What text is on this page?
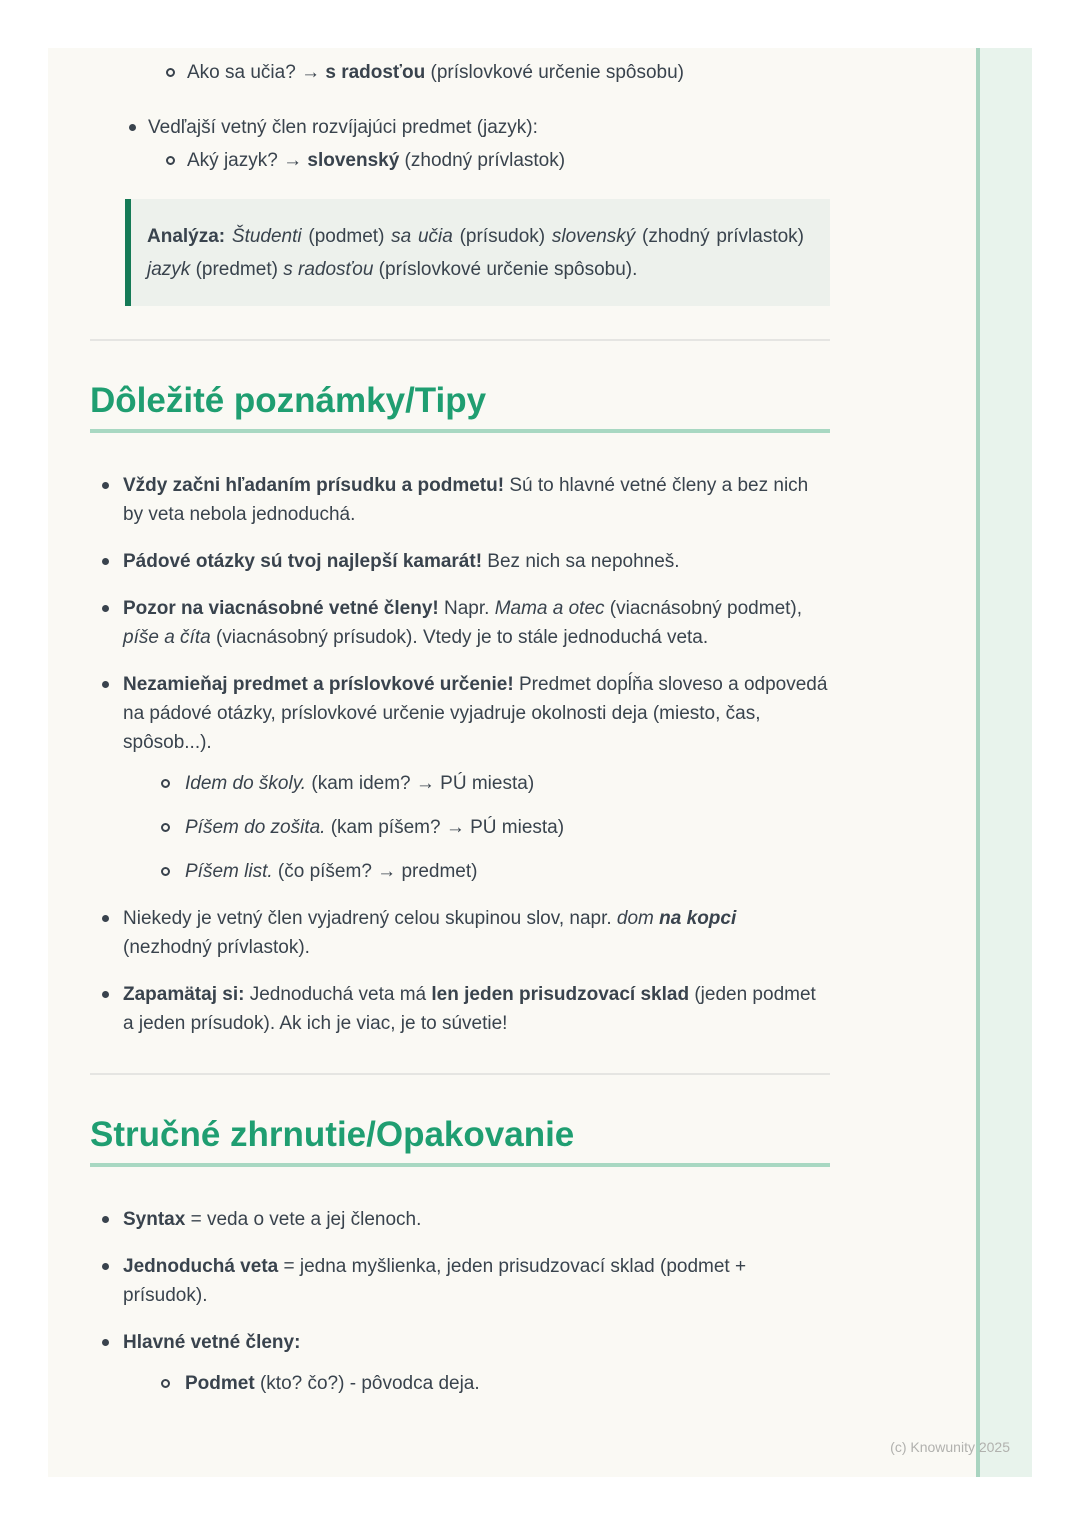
Ako sa učia? → s radosťou (príslovkové určenie spôsobu)

Vedľajší vetný člen rozvíjajúci predmet (jazyk):

Aký jazyk? → slovenský (zhodný prívlastok)

Analýza: Študenti (podmet) sa učia (prísudok) slovenský (zhodný prívlastok) jazyk (predmet) s radosťou (príslovkové určenie spôsobu).

Dôležité poznámky/Tipy

Vždy začni hľadaním prísudku a podmetu! Sú to hlavné vetné členy a bez nich by veta nebola jednoduchá.

Pádové otázky sú tvoj najlepší kamarát! Bez nich sa nepohneš.

Pozor na viacnásobné vetné členy! Napr. Mama a otec (viacnásobný podmet), píše a číta (viacnásobný prísudok). Vtedy je to stále jednoduchá veta.

Nezamieňaj predmet a príslovkové určenie! Predmet dopĺňa sloveso a odpovedá na pádové otázky, príslovkové určenie vyjadruje okolnosti deja (miesto, čas, spôsob...).

Idem do školy. (kam idem? → PÚ miesta)

Píšem do zošita. (kam píšem? → PÚ miesta)

Píšem list. (čo píšem? → predmet)

Niekedy je vetný člen vyjadrený celou skupinou slov, napr. dom na kopci (nezhodný prívlastok).

Zapamätaj si: Jednoduchá veta má len jeden prisudzovací sklad (jeden podmet a jeden prísudok). Ak ich je viac, je to súvetie!

Stručné zhrnutie/Opakovanie

Syntax = veda o vete a jej členoch.

Jednoduchá veta = jedna myšlienka, jeden prisudzovací sklad (podmet + prísudok).

Hlavné vetné členy:

Podmet (kto? čo?) - pôvodca deja.

(c) Knowunity 2025
